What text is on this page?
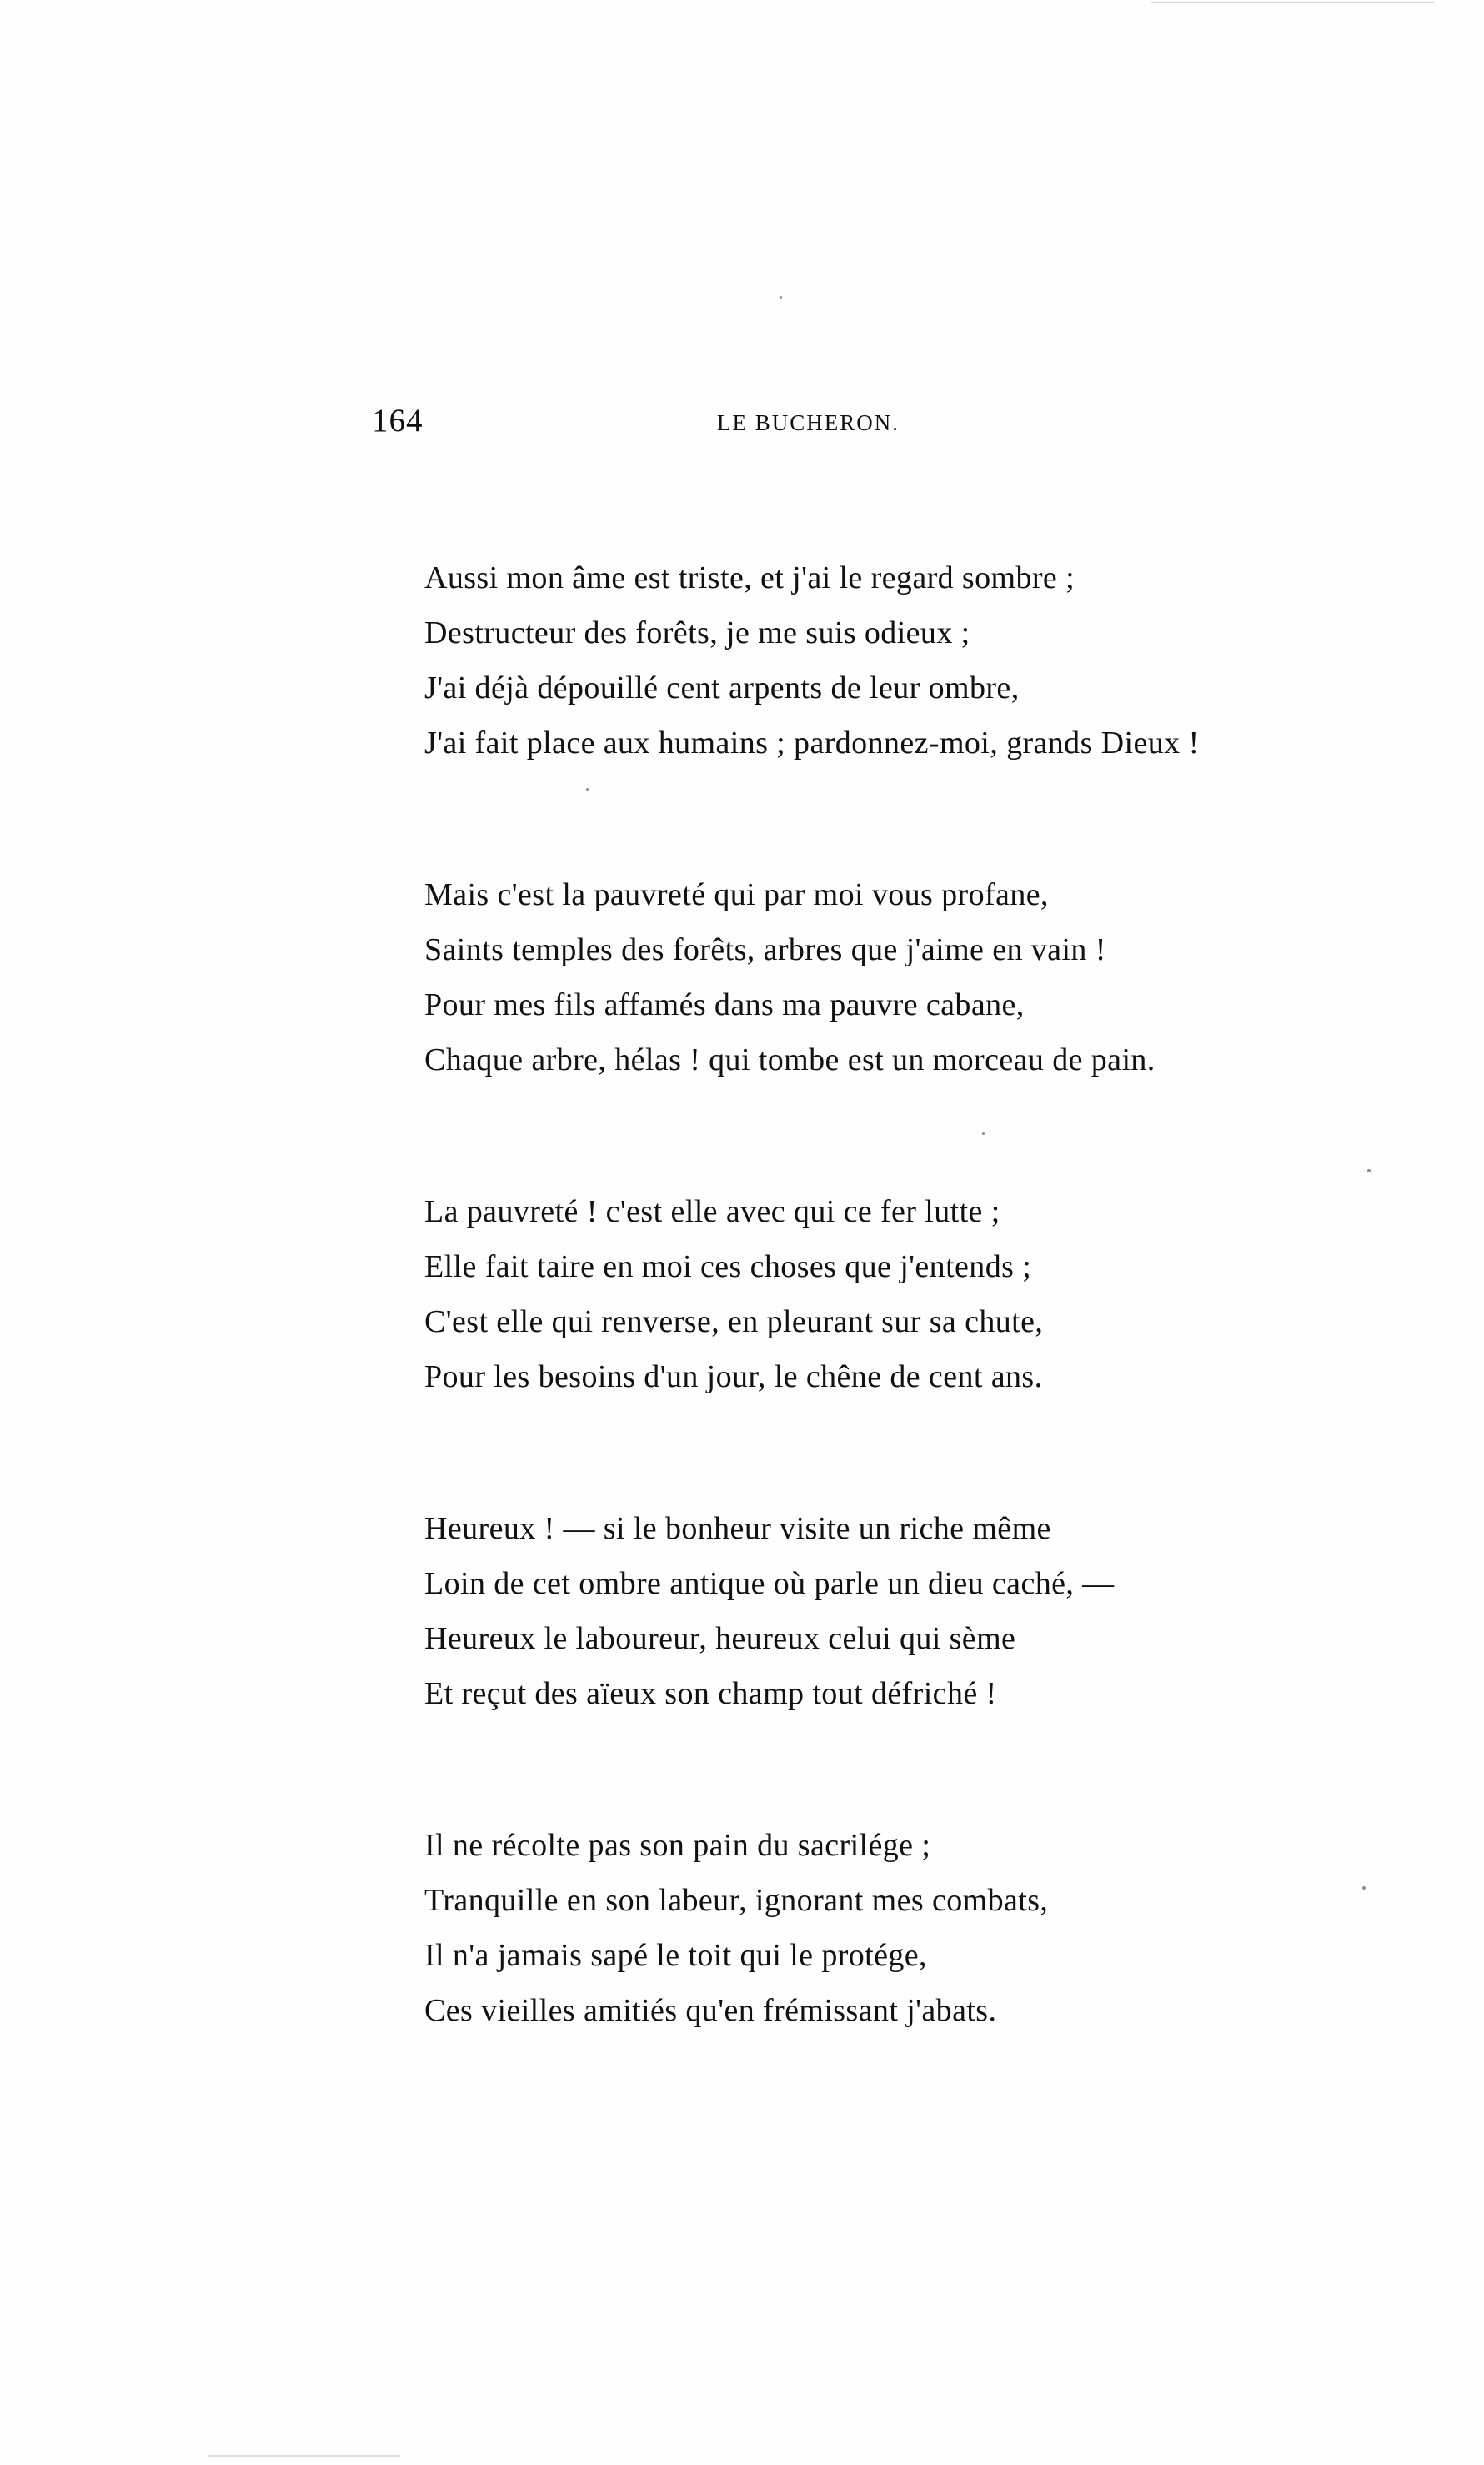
164	LE BUCHERON.
Aussi mon âme est triste, et j'ai le regard sombre ;
Destructeur des forêts, je me suis odieux ;
J'ai déjà dépouillé cent arpents de leur ombre,
J'ai fait place aux humains ; pardonnez-moi, grands Dieux !
Mais c'est la pauvreté qui par moi vous profane,
Saints temples des forêts, arbres que j'aime en vain !
Pour mes fils affamés dans ma pauvre cabane,
Chaque arbre, hélas ! qui tombe est un morceau de pain.
La pauvreté ! c'est elle avec qui ce fer lutte ;
Elle fait taire en moi ces choses que j'entends ;
C'est elle qui renverse, en pleurant sur sa chute,
Pour les besoins d'un jour, le chêne de cent ans.
Heureux ! — si le bonheur visite un riche même
Loin de cet ombre antique où parle un dieu caché, —
Heureux le laboureur, heureux celui qui sème
Et reçut des aïeux son champ tout défriché !
Il ne récolte pas son pain du sacrilége ;
Tranquille en son labeur, ignorant mes combats,
Il n'a jamais sapé le toit qui le protége,
Ces vieilles amitiés qu'en frémissant j'abats.
